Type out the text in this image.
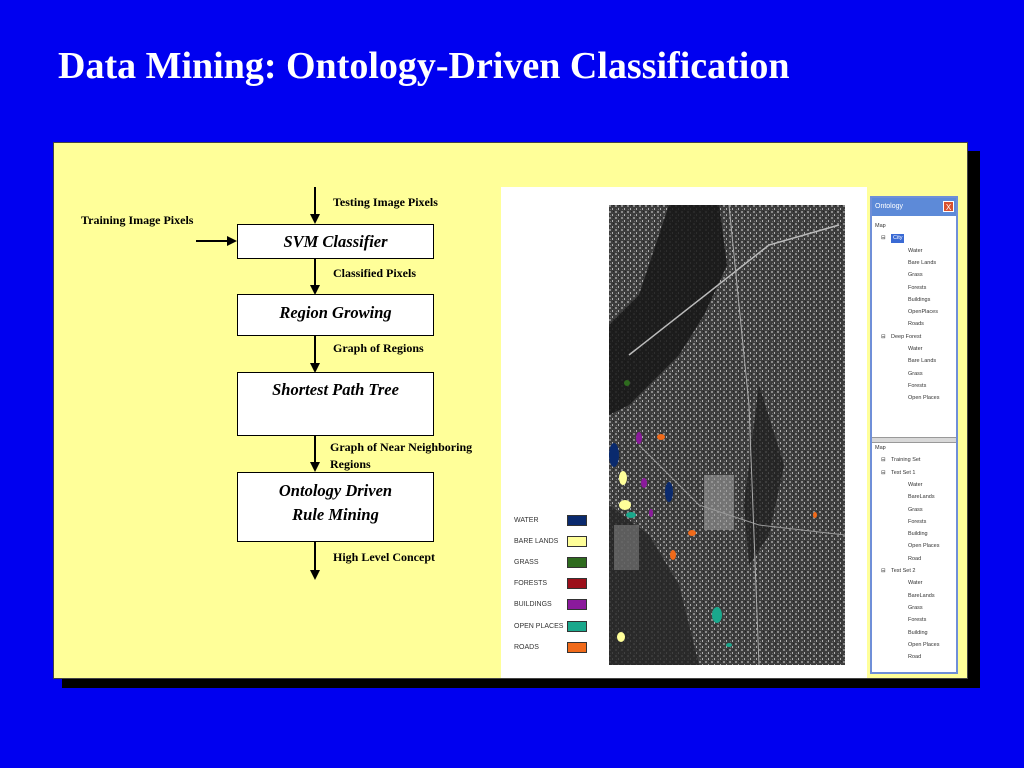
Data Mining: Ontology-Driven Classification
Testing Image Pixels
Training Image Pixels
SVM Classifier
Classified Pixels
Region Growing
Graph of Regions
Shortest Path Tree
Graph of Near Neighboring
Regions
Ontology Driven
Rule Mining
High Level Concept
WATER
BARE LANDS
GRASS
FORESTS
BUILDINGS
OPEN PLACES
ROADS
Ontology	X
Map
City
⊟
Water
Bare Lands
Grass
Forests
Buildings
OpenPlaces
Roads
Deep Forest
⊟
Water
Bare Lands
Grass
Forests
Open Places
Map
Training Set
⊟
Test Set 1
⊟
Water
BareLands
Grass
Forests
Building
Open Places
Road
Test Set 2
⊟
Water
BareLands
Grass
Forests
Building
Open Places
Road
